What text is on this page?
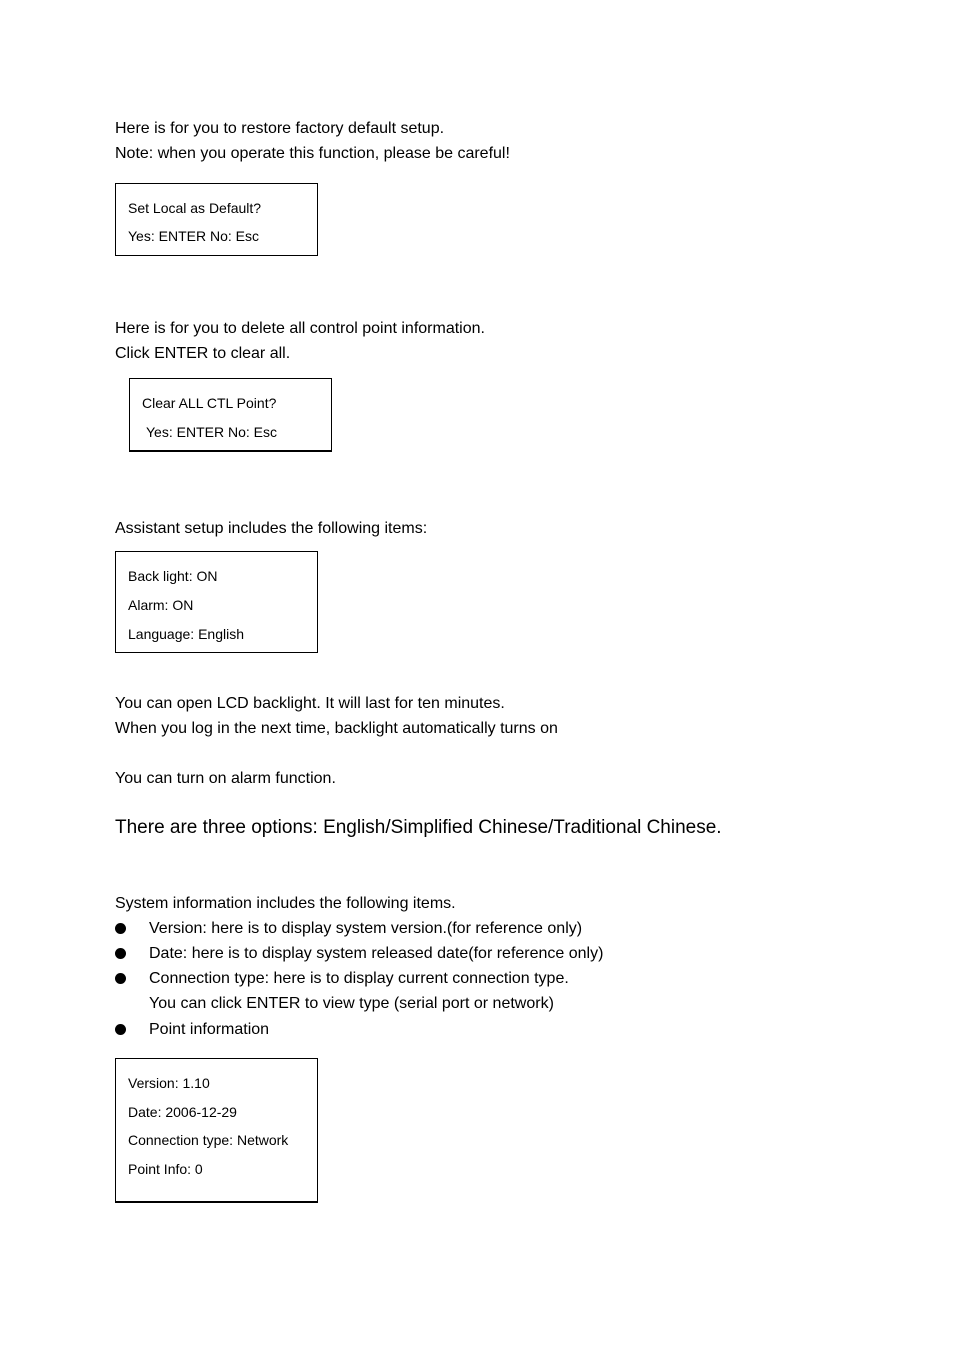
Here is for you to restore factory default setup.
Note: when you operate this function, please be careful!
Set Local as Default?
Yes: ENTER No: Esc
Here is for you to delete all control point information.
Click ENTER to clear all.
Clear ALL CTL Point?
Yes: ENTER No: Esc
Assistant setup includes the following items:
Back light: ON
Alarm: ON
Language: English
You can open LCD backlight. It will last for ten minutes.
When you log in the next time, backlight automatically turns on
You can turn on alarm function.
There are three options: English/Simplified Chinese/Traditional Chinese.
System information includes the following items.
Version: here is to display system version.(for reference only)
Date: here is to display system released date(for reference only)
Connection type: here is to display current connection type.
You can click ENTER to view type (serial port or network)
Point information
Version: 1.10
Date: 2006-12-29
Connection type: Network
Point Info: 0
